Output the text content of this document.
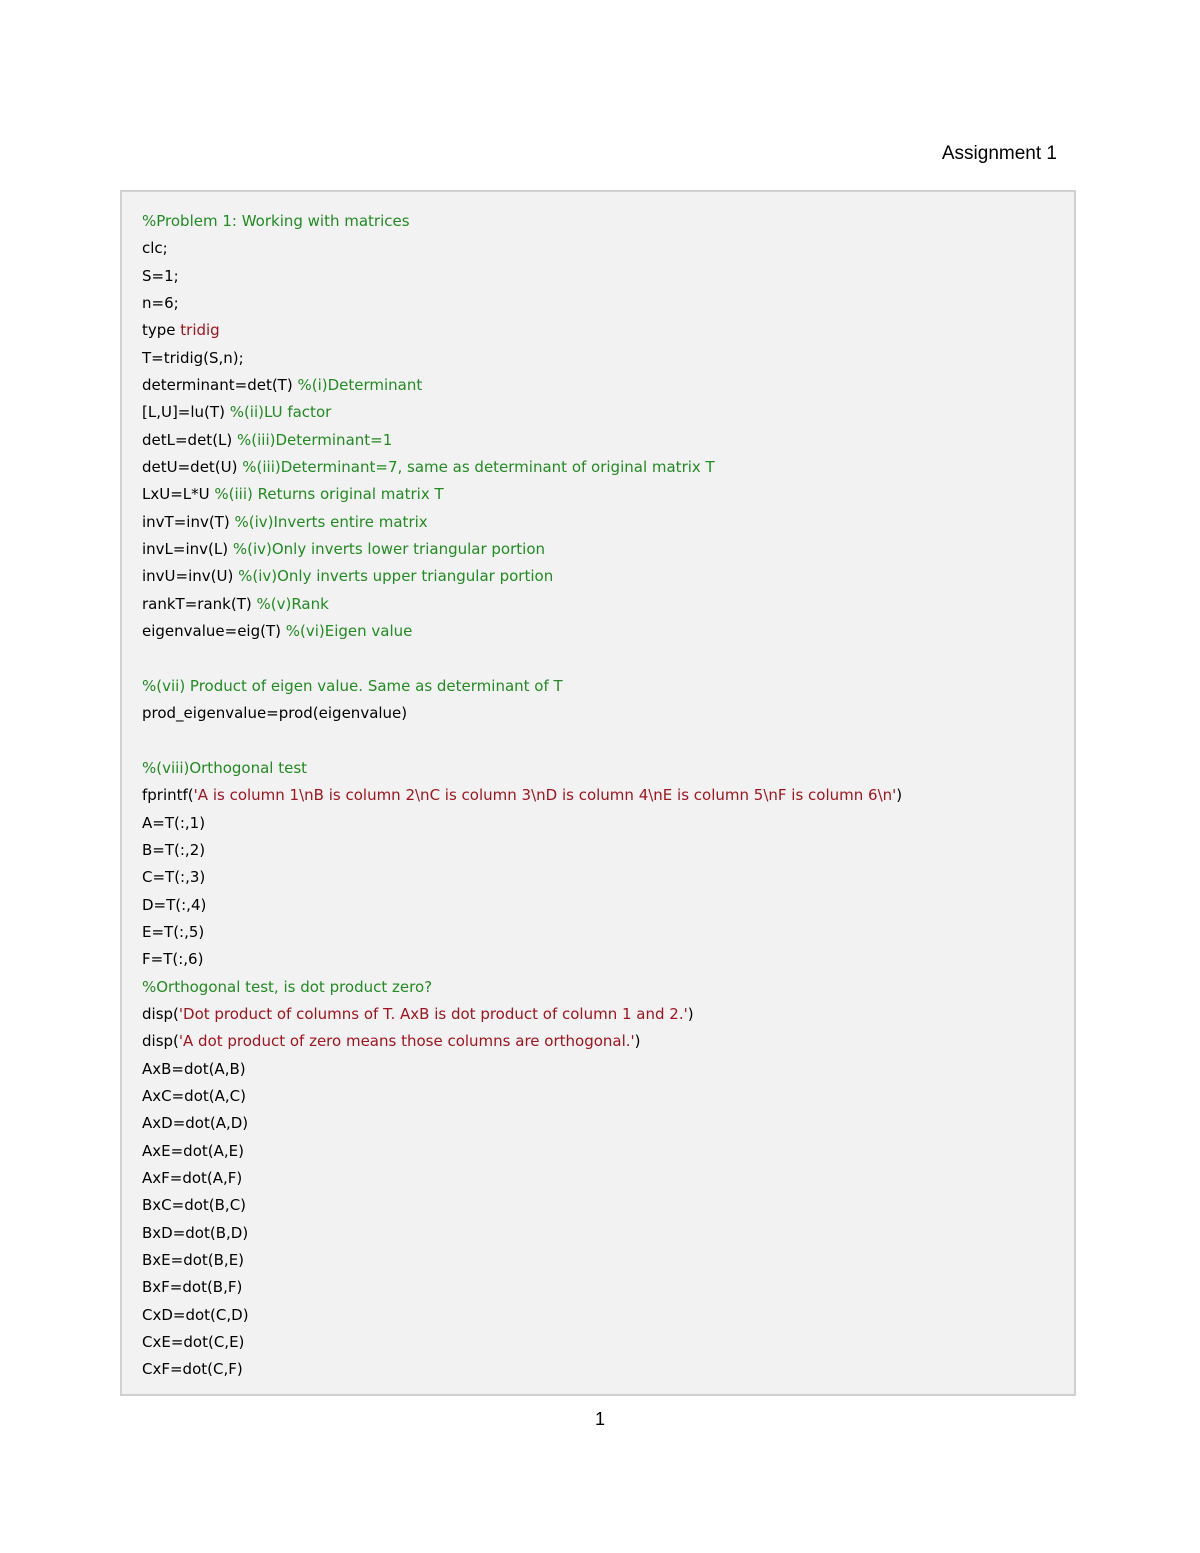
Assignment 1
%Problem 1: Working with matrices
clc;
S=1;
n=6;
type tridig
T=tridig(S,n);
determinant=det(T) %(i)Determinant
[L,U]=lu(T) %(ii)LU factor
detL=det(L) %(iii)Determinant=1
detU=det(U) %(iii)Determinant=7, same as determinant of original matrix T
LxU=L*U %(iii) Returns original matrix T
invT=inv(T) %(iv)Inverts entire matrix
invL=inv(L) %(iv)Only inverts lower triangular portion
invU=inv(U) %(iv)Only inverts upper triangular portion
rankT=rank(T) %(v)Rank
eigenvalue=eig(T) %(vi)Eigen value
%(vii) Product of eigen value. Same as determinant of T
prod_eigenvalue=prod(eigenvalue)
%(viii)Orthogonal test
fprintf('A is column 1\nB is column 2\nC is column 3\nD is column 4\nE is column 5\nF is column 6\n')
A=T(:,1)
B=T(:,2)
C=T(:,3)
D=T(:,4)
E=T(:,5)
F=T(:,6)
%Orthogonal test, is dot product zero?
disp('Dot product of columns of T. AxB is dot product of column 1 and 2.')
disp('A dot product of zero means those columns are orthogonal.')
AxB=dot(A,B)
AxC=dot(A,C)
AxD=dot(A,D)
AxE=dot(A,E)
AxF=dot(A,F)
BxC=dot(B,C)
BxD=dot(B,D)
BxE=dot(B,E)
BxF=dot(B,F)
CxD=dot(C,D)
CxE=dot(C,E)
CxF=dot(C,F)
1
